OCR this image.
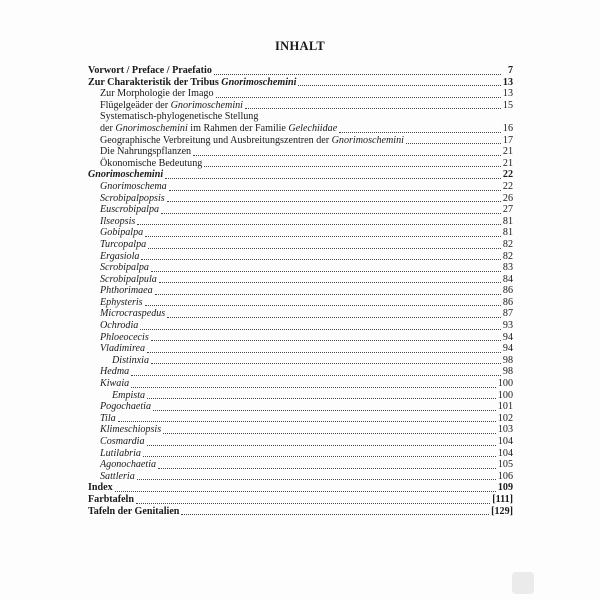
INHALT
Vorwort / Preface / Praefatio	7
Zur Charakteristik der Tribus Gnorimoschemini	13
Zur Morphologie der Imago	13
Flügelgeäder der Gnorimoschemini	15
Systematisch-phylogenetische Stellung
der Gnorimoschemini im Rahmen der Familie Gelechiidae	16
Geographische Verbreitung und Ausbreitungszentren der Gnorimoschemini	17
Die Nahrungspflanzen	21
Ökonomische Bedeutung	21
Gnorimoschemini	22
Gnorimoschema	22
Scrobipalpopsis	26
Euscrobipalpa	27
Ilseopsis	81
Gobipalpa	81
Turcopalpa	82
Ergasiola	82
Scrobipalpa	83
Scrobipalpula	84
Phthorimaea	86
Ephysteris	86
Microcraspedus	87
Ochrodia	93
Phloeocecis	94
Vladimirea	94
Distinxia	98
Hedma	98
Kiwaia	100
Empista	100
Pogochaetia	101
Tila	102
Klimeschiopsis	103
Cosmardia	104
Lutilabria	104
Agonochaetia	105
Sattleria	106
Index	109
Farbtafeln	[111]
Tafeln der Genitalien	[129]
